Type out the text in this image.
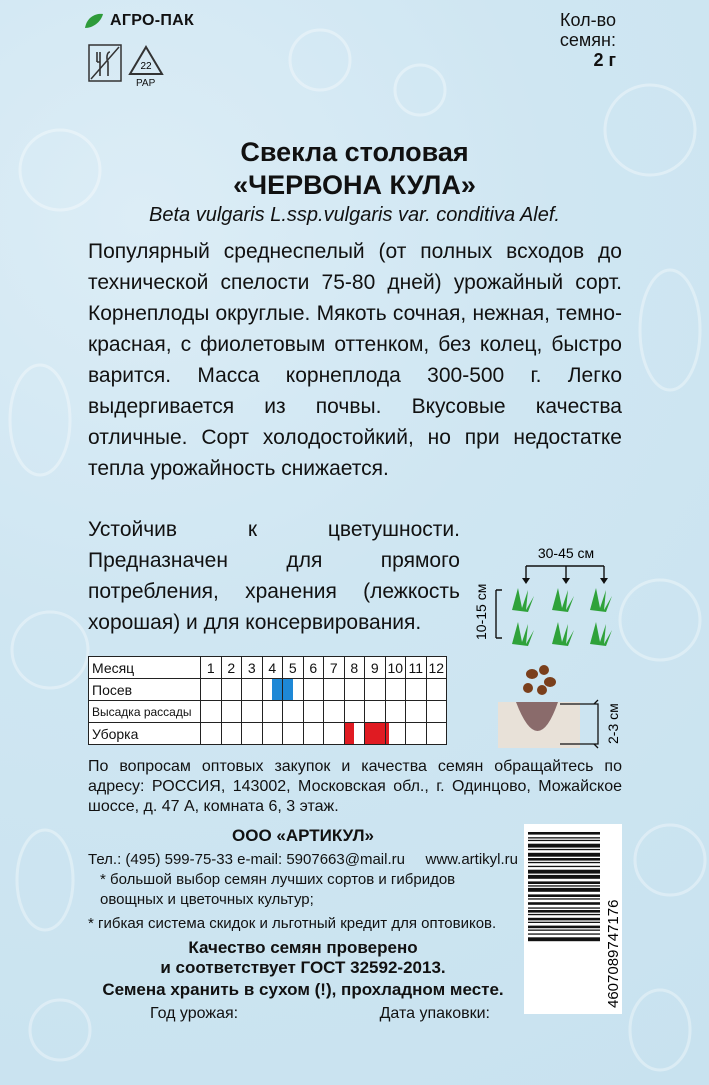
АГРО-ПАК
22
PAP
Кол-во семян:
2 г
Свекла столовая
«ЧЕРВОНА КУЛА»
Beta vulgaris L.ssp.vulgaris var. conditiva Alef.
Популярный среднеспелый (от полных всходов до технической спелости 75-80 дней) урожайный сорт. Корнеплоды округлые. Мякоть сочная, нежная, темно-красная, с фиолетовым оттенком, без колец, быстро варится. Масса корнеплода 300-500 г. Легко выдергивается из почвы. Вкусовые качества отличные. Сорт холодостойкий, но при недостатке тепла урожайность снижается.
Устойчив к цветушности. Предназначен для прямого потребления, хранения (лежкость хорошая) и для консервирования.
30-45 см
10-15 см
Месяц	1	2	3	4	5	6	7	8	9	10	11	12
Посев				

Высадка рассады												
Уборка								

			2-3 см
По вопросам оптовых закупок и качества семян обращайтесь по адресу: РОССИЯ, 143002, Московская обл., г. Одинцово, Можайское шоссе, д. 47 А, комната 6, 3 этаж.
ООО «АРТИКУЛ»
Тел.: (495) 599-75-33 e-mail: 5907663@mail.ru www.artikyl.ru
* большой выбор семян лучших сортов и гибридов овощных и цветочных культур;
* гибкая система скидок и льготный кредит для оптовиков.
Качество семян проверено
и соответствует ГОСТ 32592-2013.
Семена хранить в сухом (!), прохладном месте.	4607089747176
Год урожая:	Дата упаковки:
